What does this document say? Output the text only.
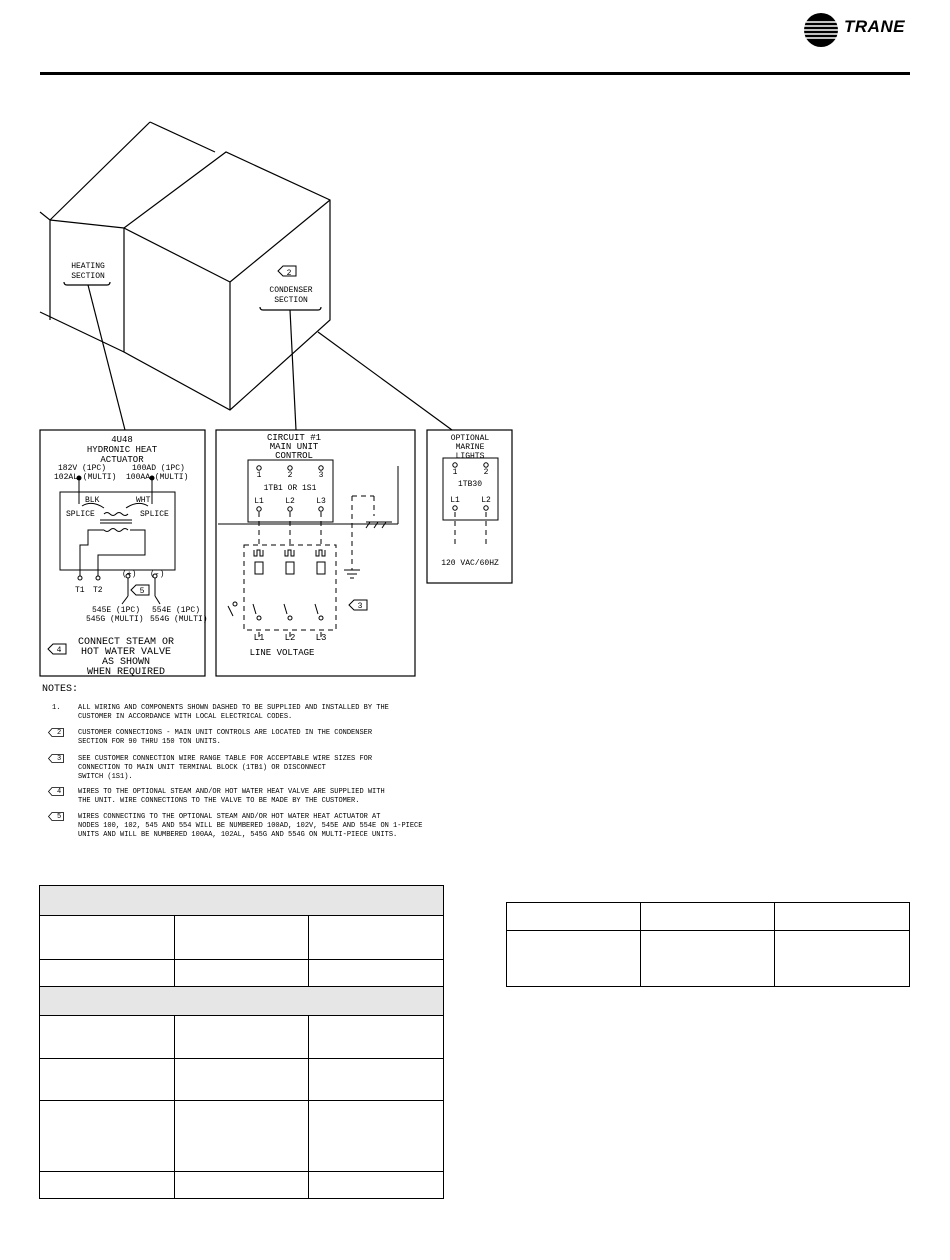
TRANE
HEATING
SECTION	2
CONDENSER
SECTION
4U48
HYDRONIC HEAT
ACTUATOR
182V (1PC)
102AL (MULTI)
100AD (1PC)
100AA (MULTI)
BLK	WHT
SPLICE	SPLICE
T1 T2
(+) (-)
5
545E (1PC)
545G (MULTI)
554E (1PC)
554G (MULTI)
4
CONNECT STEAM OR
HOT WATER VALVE
AS SHOWN
WHEN REQUIRED
CIRCUIT #1
MAIN UNIT
CONTROL
1	2	3
1TB1 OR 1S1
L1	L2	L3
3
L1 L2 L3
LINE VOLTAGE
OPTIONAL
MARINE
LIGHTS
1	2
1TB30
L1	L2
120 VAC/60HZ
NOTES:
1.	ALL WIRING AND COMPONENTS SHOWN DASHED TO BE SUPPLIED AND INSTALLED BY THE
CUSTOMER IN ACCORDANCE WITH LOCAL ELECTRICAL CODES.
2	CUSTOMER CONNECTIONS - MAIN UNIT CONTROLS ARE LOCATED IN THE CONDENSER
SECTION FOR 90 THRU 150 TON UNITS.
3	SEE CUSTOMER CONNECTION WIRE RANGE TABLE FOR ACCEPTABLE WIRE SIZES FOR
CONNECTION TO MAIN UNIT TERMINAL BLOCK (1TB1) OR DISCONNECT
SWITCH (1S1).
4	WIRES TO THE OPTIONAL STEAM AND/OR HOT WATER HEAT VALVE ARE SUPPLIED WITH
THE UNIT. WIRE CONNECTIONS TO THE VALVE TO BE MADE BY THE CUSTOMER.
5	WIRES CONNECTING TO THE OPTIONAL STEAM AND/OR HOT WATER HEAT ACTUATOR AT
NODES 100, 102, 545 AND 554 WILL BE NUMBERED 100AD, 102V, 545E AND 554E ON 1-PIECE
UNITS AND WILL BE NUMBERED 100AA, 102AL, 545G AND 554G ON MULTI-PIECE UNITS.
